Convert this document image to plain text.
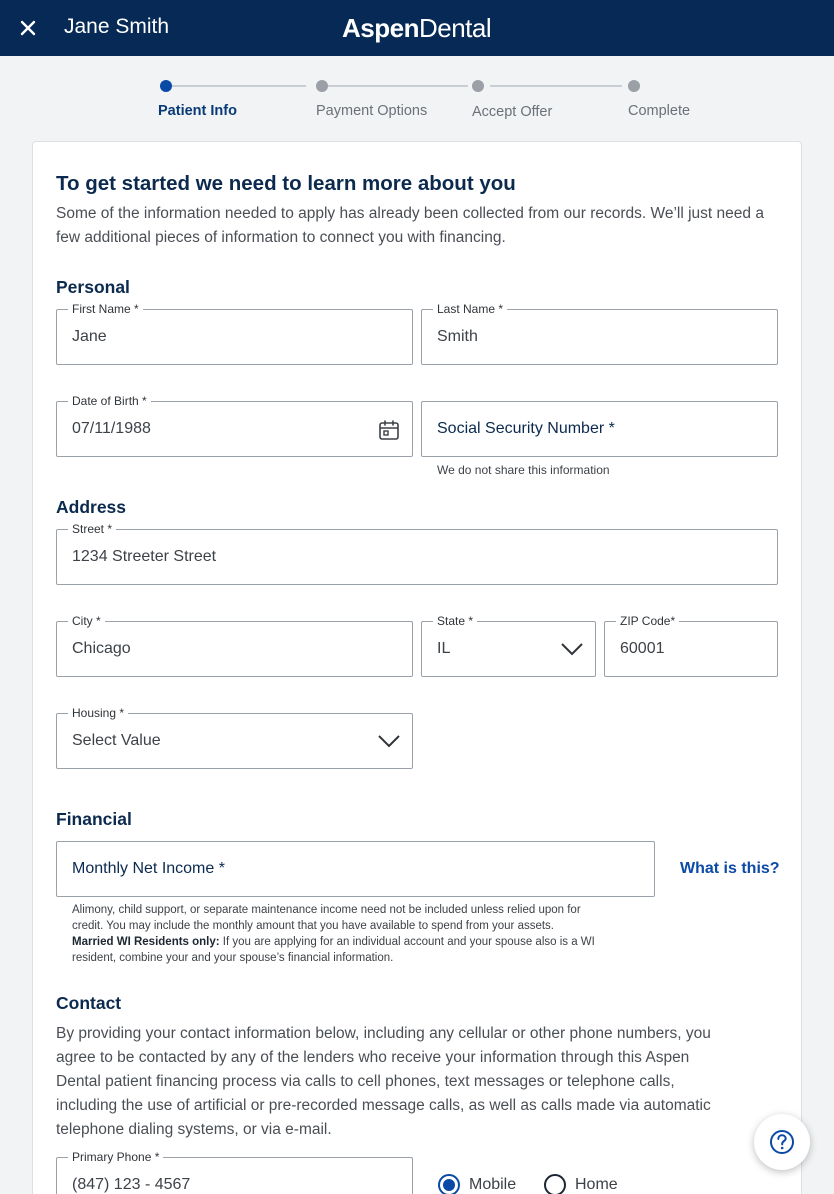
Jane Smith	AspenDental
Patient Info	Payment Options	Accept Offer	Complete
To get started we need to learn more about you
Some of the information needed to apply has already been collected from our records. We’ll just need a few additional pieces of information to connect you with financing.
Personal
First Name *
Jane
Last Name *
Smith
Date of Birth *
07/11/1988	Social Security Number *
We do not share this information
Address
Street *
1234 Streeter Street
City *
Chicago
State *
IL
ZIP Code*
60001
Housing *
Select Value
Financial
Monthly Net Income *	What is this?
Alimony, child support, or separate maintenance income need not be included unless relied upon for
credit. You may include the monthly amount that you have available to spend from your assets.
Married WI Residents only: If you are applying for an individual account and your spouse also is a WI
resident, combine your and your spouse’s financial information.
Contact
By providing your contact information below, including any cellular or other phone numbers, you
agree to be contacted by any of the lenders who receive your information through this Aspen
Dental patient financing process via calls to cell phones, text messages or telephone calls,
including the use of artificial or pre-recorded message calls, as well as calls made via automatic
telephone dialing systems, or via e-mail.
Primary Phone *
(847) 123 - 4567	Mobile	Home
